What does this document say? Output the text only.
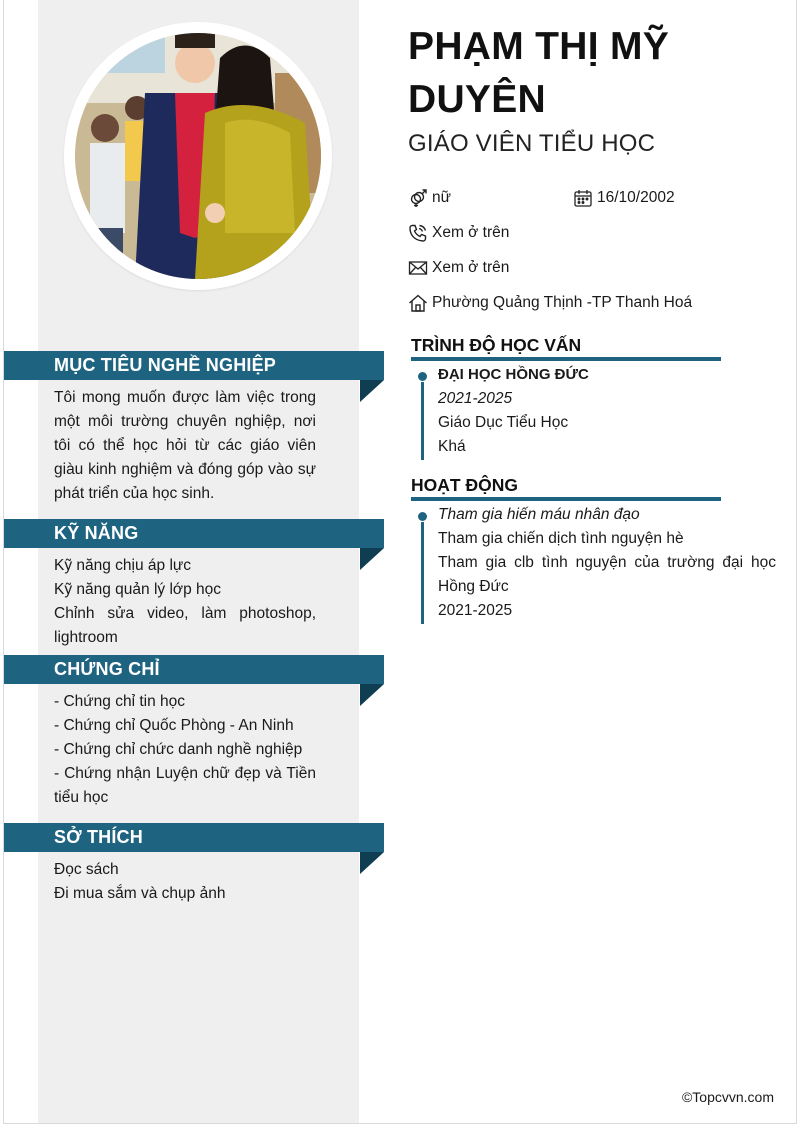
MỤC TIÊU NGHỀ NGHIỆP

Tôi mong muốn được làm việc trong một môi trường chuyên nghiệp, nơi tôi có thể học hỏi từ các giáo viên giàu kinh nghiệm và đóng góp vào sự phát triển của học sinh.

KỸ NĂNG
Kỹ năng chịu áp lực
Kỹ năng quản lý lớp học
Chỉnh sửa video, làm photoshop, lightroom
CHỨNG CHỈ
- Chứng chỉ tin học
- Chứng chỉ Quốc Phòng - An Ninh
- Chứng chỉ chức danh nghề nghiệp
- Chứng nhận Luyện chữ đẹp và Tiền tiểu học
SỞ THÍCH
Đọc sách
Đi mua sắm và chụp ảnh
PHẠM THỊ MỸ DUYÊN
GIÁO VIÊN TIỂU HỌC
nữ	16/10/2002
Xem ở trên
Xem ở trên
Phường Quảng Thịnh -TP Thanh Hoá
TRÌNH ĐỘ HỌC VẤN
ĐẠI HỌC HỒNG ĐỨC
2021-2025
Giáo Dục Tiểu Học
Khá
HOẠT ĐỘNG
Tham gia hiến máu nhân đạo
Tham gia chiến dịch tình nguyện hè
Tham gia clb tình nguyện của trường đại học Hồng Đức
2021-2025
©Topcvvn.com
